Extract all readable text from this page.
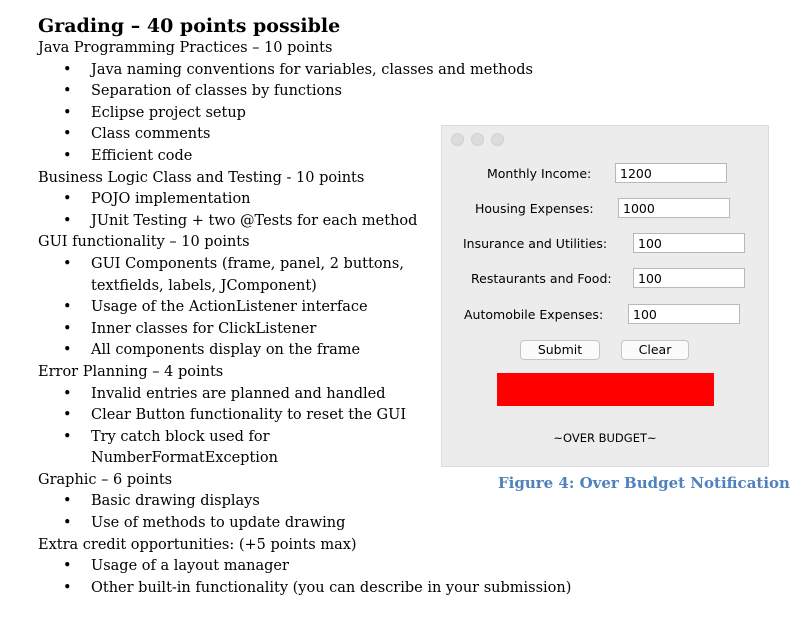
Grading – 40 points possible

Java Programming Practices – 10 points

• Java naming conventions for variables, classes and methods
• Separation of classes by functions
• Eclipse project setup
• Class comments
• Efficient code

Business Logic Class and Testing - 10 points

• POJO implementation
• JUnit Testing + two @Tests for each method

GUI functionality – 10 points

• GUI Components (frame, panel, 2 buttons,
textfields, labels, JComponent)
• Usage of the ActionListener interface
• Inner classes for ClickListener
• All components display on the frame

Error Planning – 4 points

• Invalid entries are planned and handled
• Clear Button functionality to reset the GUI
• Try catch block used for
NumberFormatException

Graphic – 6 points

• Basic drawing displays
• Use of methods to update drawing

Extra credit opportunities: (+5 points max)

• Usage of a layout manager
• Other built-in functionality (you can describe in your submission)
Monthly Income:	1200
Housing Expenses:	1000
Insurance and Utilities:	100
Restaurants and Food:	100
Automobile Expenses:	100
Submit	Clear
~OVER BUDGET~
Figure 4: Over Budget Notification
